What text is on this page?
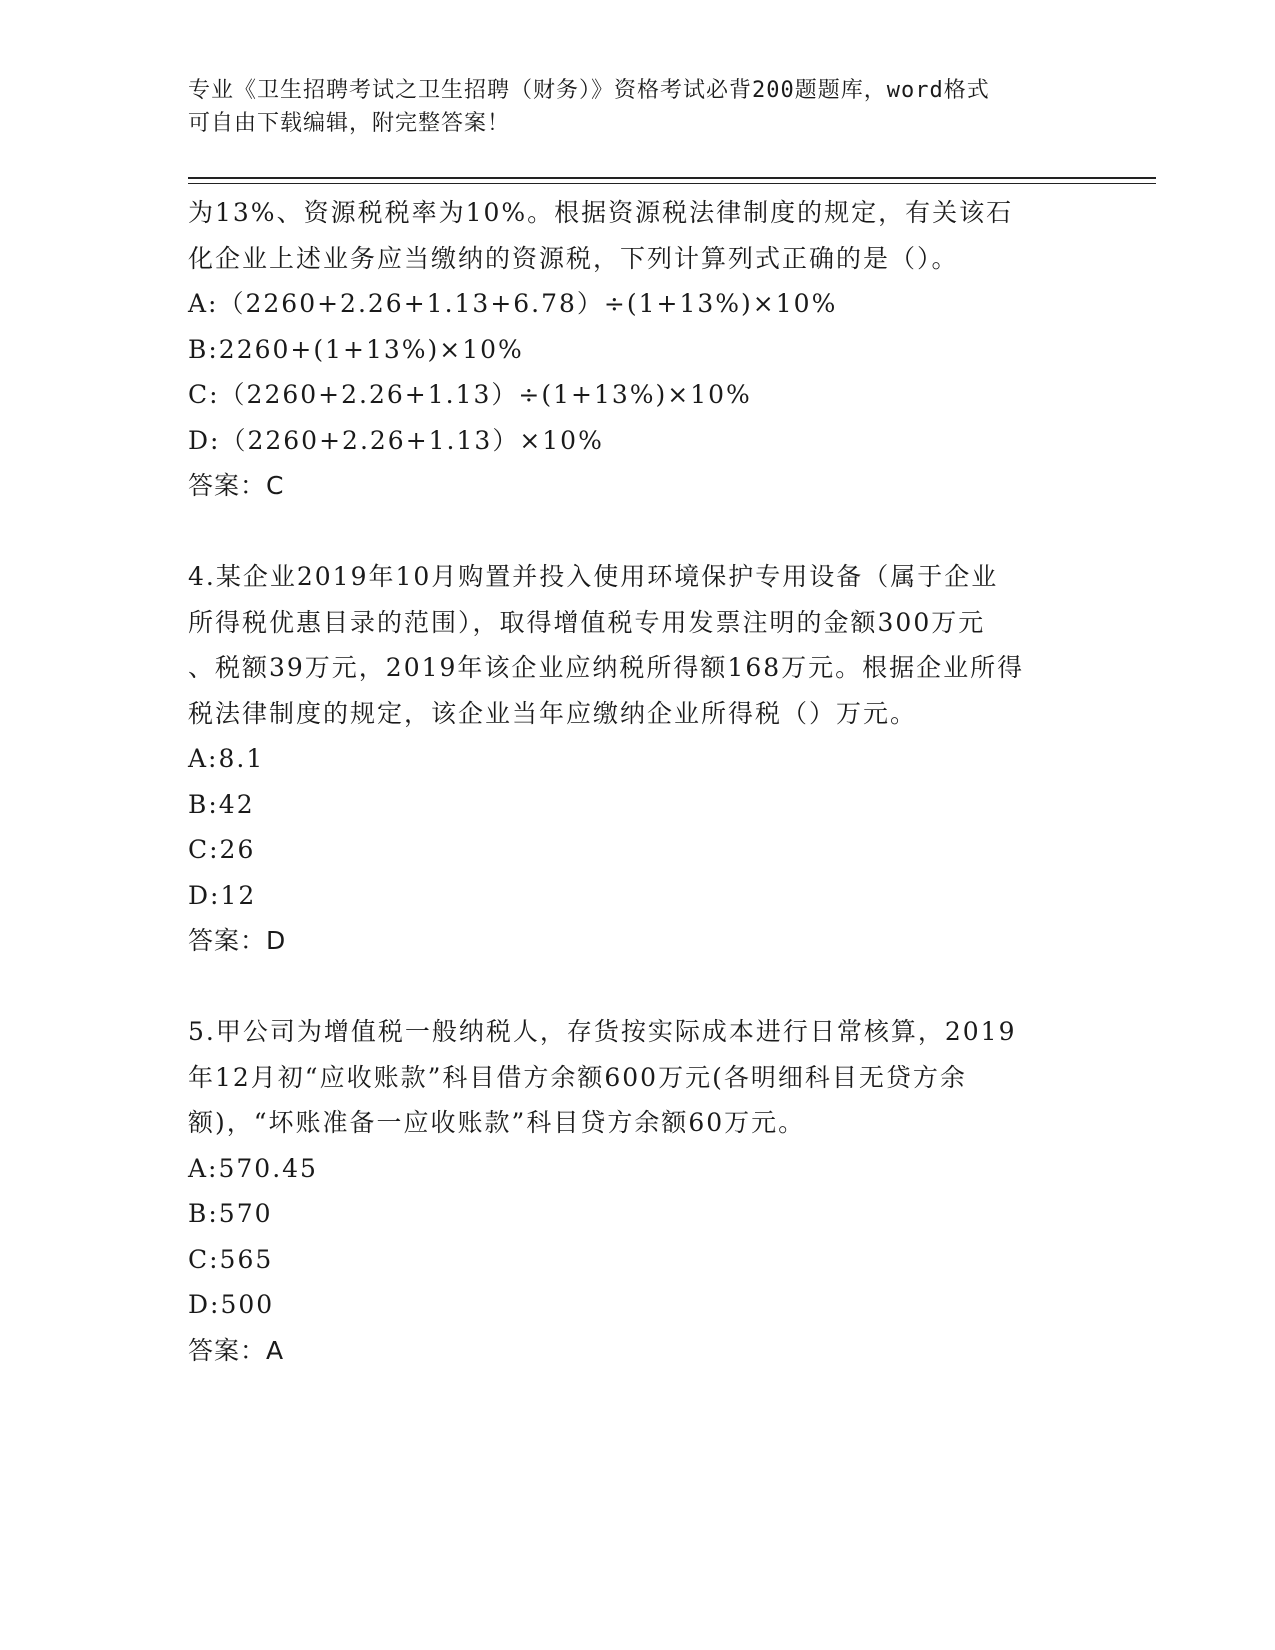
专业《卫生招聘考试之卫生招聘（财务）》资格考试必背200题题库，word格式
可自由下载编辑，附完整答案！
为13%、资源税税率为10%。根据资源税法律制度的规定，有关该石
化企业上述业务应当缴纳的资源税，下列计算列式正确的是（）。
A:（2260+2.26+1.13+6.78）÷(1+13%)×10%
B:2260+(1+13%)×10%
C:（2260+2.26+1.13）÷(1+13%)×10%
D:（2260+2.26+1.13）×10%
答案：C
4.某企业2019年10月购置并投入使用环境保护专用设备（属于企业
所得税优惠目录的范围），取得增值税专用发票注明的金额300万元
、税额39万元，2019年该企业应纳税所得额168万元。根据企业所得
税法律制度的规定，该企业当年应缴纳企业所得税（）万元。
A:8.1
B:42
C:26
D:12
答案：D
5.甲公司为增值税一般纳税人，存货按实际成本进行日常核算，2019
年12月初“应收账款”科目借方余额600万元(各明细科目无贷方余
额)，“坏账准备一应收账款”科目贷方余额60万元。
A:570.45
B:570
C:565
D:500
答案：A
